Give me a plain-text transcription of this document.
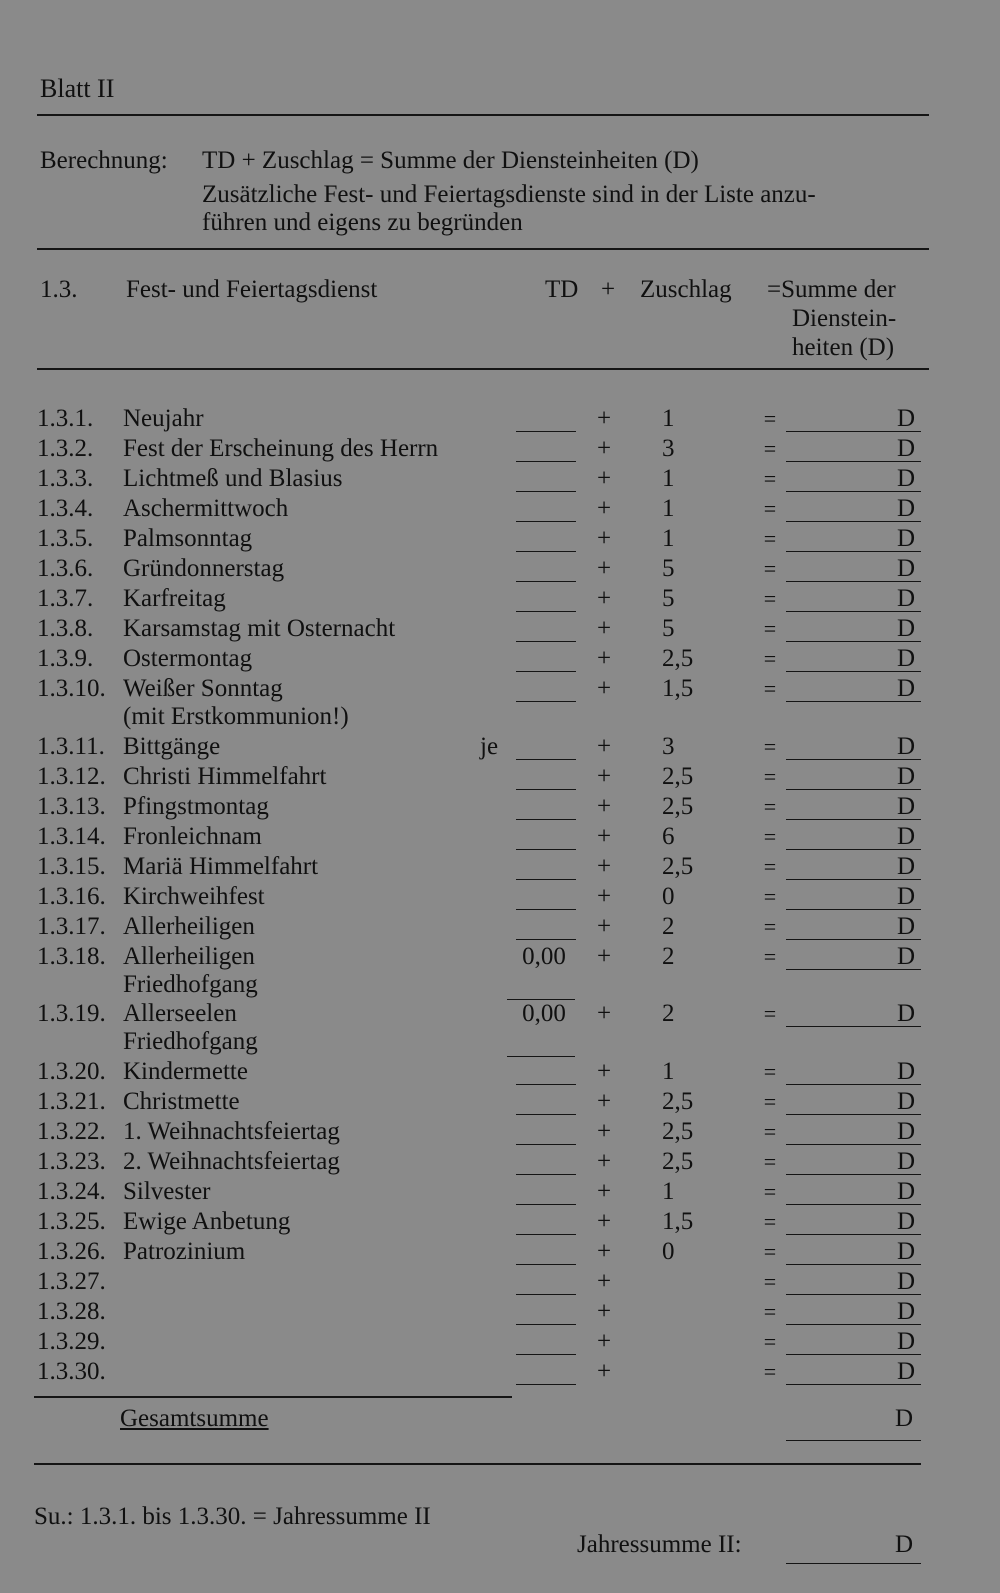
Blatt II
Berechnung: TD + Zuschlag = Summe der Diensteinheiten (D)
Zusätzliche Fest- und Feiertagsdienste sind in der Liste anzu-
führen und eigens zu begründen
1.3. Fest- und Feiertagsdienst	TD + Zuschlag =Summe der
Dienstein-
heiten (D)
1.3.1. Neujahr	+ 1	=	D
1.3.2. Fest der Erscheinung des Herrn	+ 3	=	D
1.3.3. Lichtmeß und Blasius	+ 1	=	D
1.3.4. Aschermittwoch	+ 1	=	D
1.3.5. Palmsonntag	+ 1	=	D
1.3.6. Gründonnerstag	+ 5	=	D
1.3.7. Karfreitag	+ 5	=	D
1.3.8. Karsamstag mit Osternacht	+ 5	=	D
1.3.9. Ostermontag	+ 2,5	=	D
1.3.10. Weißer Sonntag	+ 1,5	=	D
(mit Erstkommunion!)
1.3.11. Bittgänge	je	+ 3	=	D
1.3.12. Christi Himmelfahrt	+ 2,5	=	D
1.3.13. Pfingstmontag	+ 2,5	=	D
1.3.14. Fronleichnam	+ 6	=	D
1.3.15. Mariä Himmelfahrt	+ 2,5	=	D
1.3.16. Kirchweihfest	+ 0	=	D
1.3.17. Allerheiligen	+ 2	=	D
1.3.18. Allerheiligen	0,00	+ 2	=	D
Friedhofgang
1.3.19. Allerseelen	0,00	+ 2	=	D
Friedhofgang
1.3.20. Kindermette	+ 1	=	D
1.3.21. Christmette	+ 2,5	=	D
1.3.22. 1. Weihnachtsfeiertag	+ 2,5	=	D
1.3.23. 2. Weihnachtsfeiertag	+ 2,5	=	D
1.3.24. Silvester	+ 1	=	D
1.3.25. Ewige Anbetung	+ 1,5	=	D
1.3.26. Patrozinium	+ 0	=	D
1.3.27.	+	=	D
1.3.28.	+	=	D
1.3.29.	+	=	D
1.3.30.	+	=	D
Gesamtsumme	D
Su.: 1.3.1. bis 1.3.30. = Jahressumme II
Jahressumme II:	D
